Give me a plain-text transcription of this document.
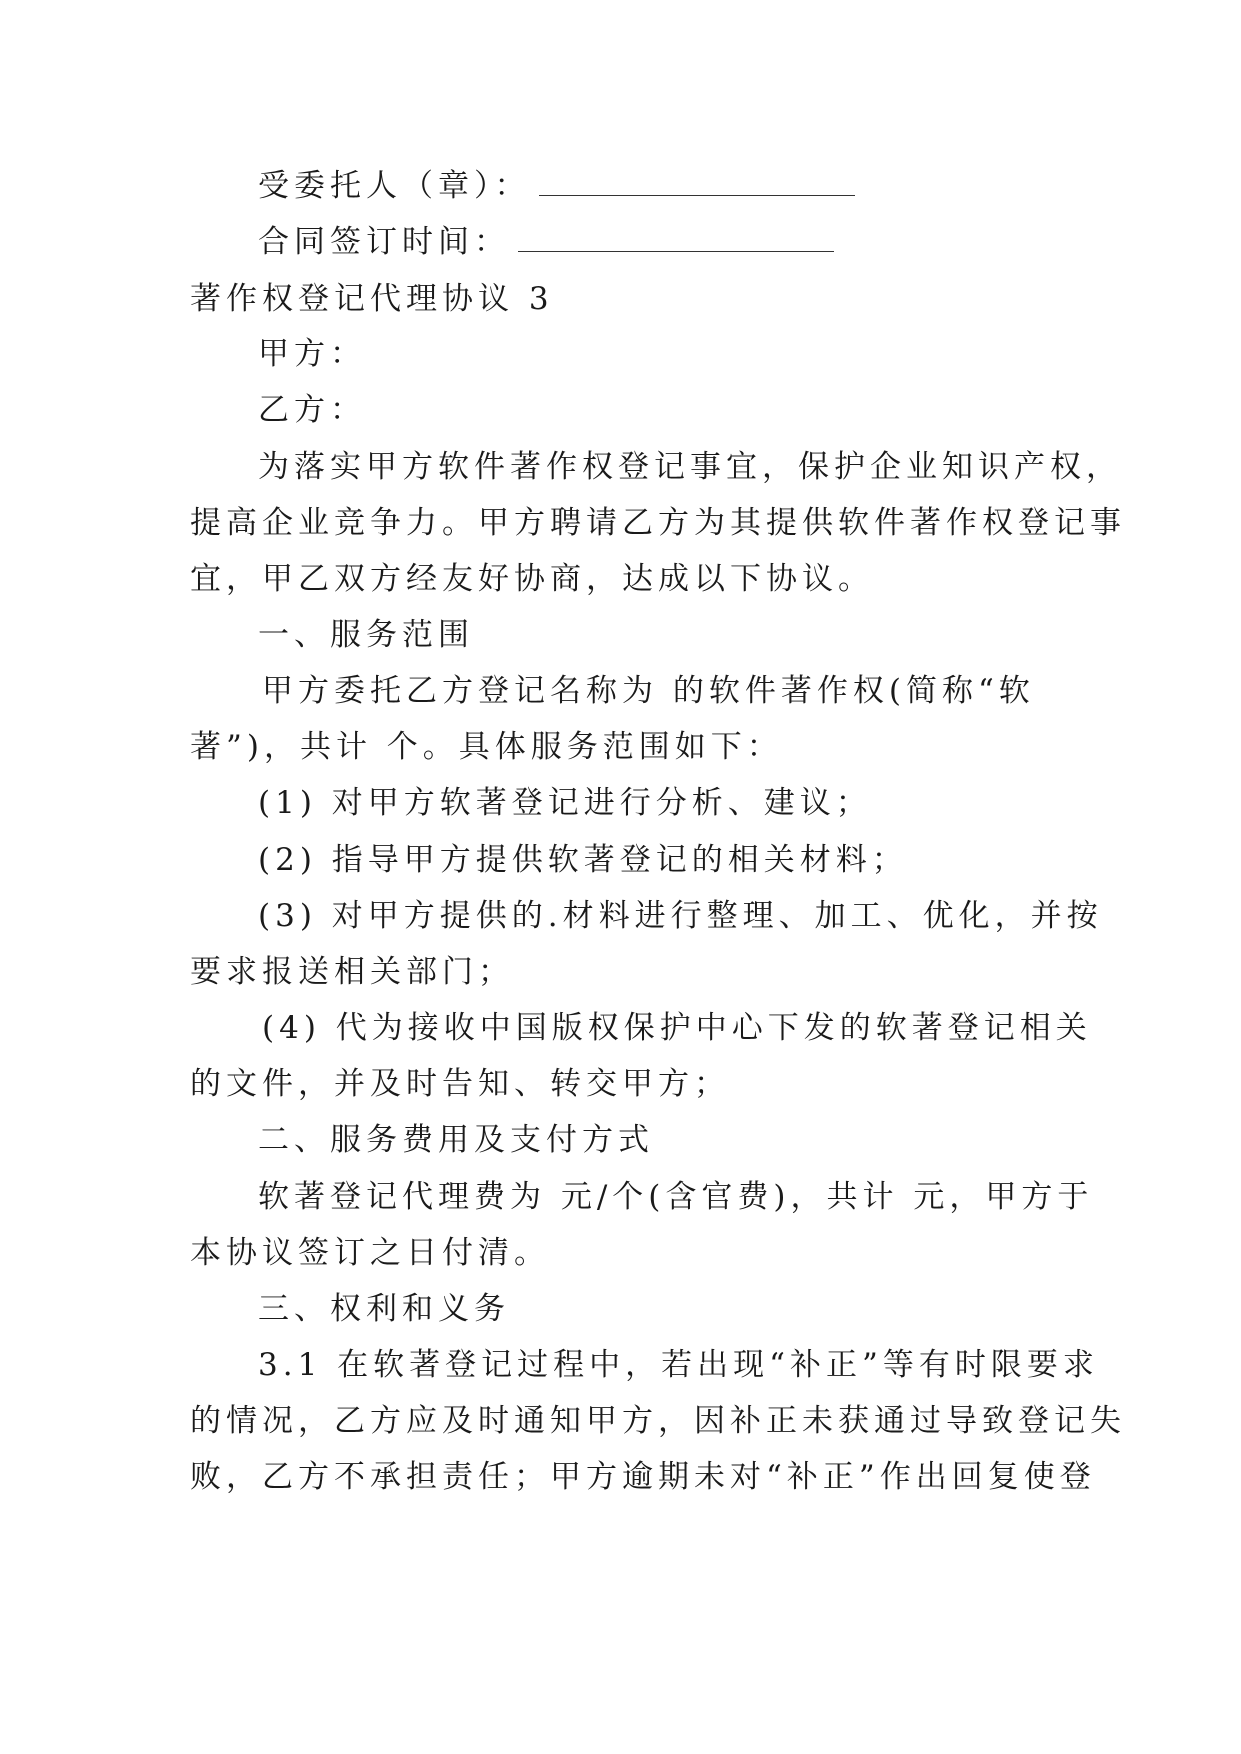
受委托人（章）：
合同签订时间：
著作权登记代理协议 3
甲方：
乙方：
为落实甲方软件著作权登记事宜，保护企业知识产权，
提高企业竞争力。甲方聘请乙方为其提供软件著作权登记事
宜，甲乙双方经友好协商，达成以下协议。
一、服务范围
甲方委托乙方登记名称为 的软件著作权(简称“软
著”)，共计 个。具体服务范围如下：
(1) 对甲方软著登记进行分析、建议；
(2) 指导甲方提供软著登记的相关材料；
(3) 对甲方提供的.材料进行整理、加工、优化，并按
要求报送相关部门；
(4) 代为接收中国版权保护中心下发的软著登记相关
的文件，并及时告知、转交甲方；
二、服务费用及支付方式
软著登记代理费为 元/个(含官费)，共计 元，甲方于
本协议签订之日付清。
三、权利和义务
3.1 在软著登记过程中，若出现“补正”等有时限要求
的情况，乙方应及时通知甲方，因补正未获通过导致登记失
败，乙方不承担责任；甲方逾期未对“补正”作出回复使登
